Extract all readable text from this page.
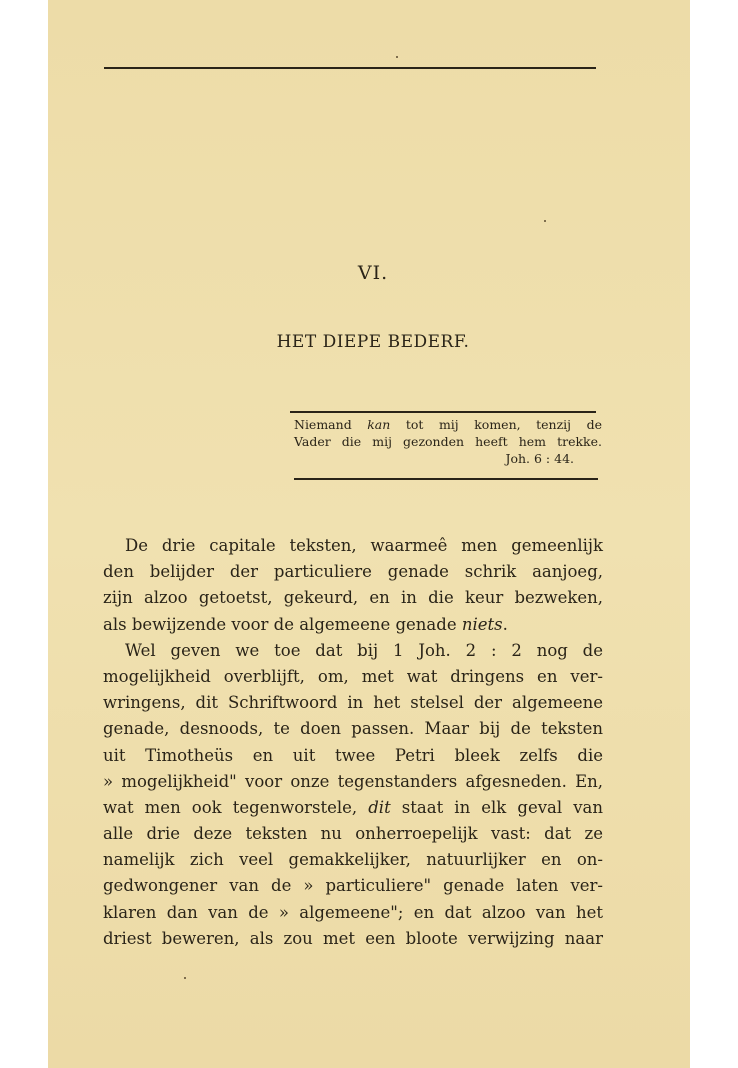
VI.
HET DIEPE BEDERF.
Niemand kan tot mij komen, tenzij de
Vader die mij gezonden heeft hem trekke.
Joh. 6 : 44.
De drie capitale teksten, waarmeê men gemeenlijk
den belijder der particuliere genade schrik aanjoeg,
zijn alzoo getoetst, gekeurd, en in die keur bezweken,
als bewijzende voor de algemeene genade niets.
Wel geven we toe dat bij 1 Joh. 2 : 2 nog de
mogelijkheid overblijft, om, met wat dringens en ver-
wringens, dit Schriftwoord in het stelsel der algemeene
genade, desnoods, te doen passen. Maar bij de teksten
uit Timotheüs en uit twee Petri bleek zelfs die
» mogelijkheid" voor onze tegenstanders afgesneden. En,
wat men ook tegenworstele, dit staat in elk geval van
alle drie deze teksten nu onherroepelijk vast: dat ze
namelijk zich veel gemakkelijker, natuurlijker en on-
gedwongener van de » particuliere" genade laten ver-
klaren dan van de » algemeene"; en dat alzoo van het
driest beweren, als zou met een bloote verwijzing naar
